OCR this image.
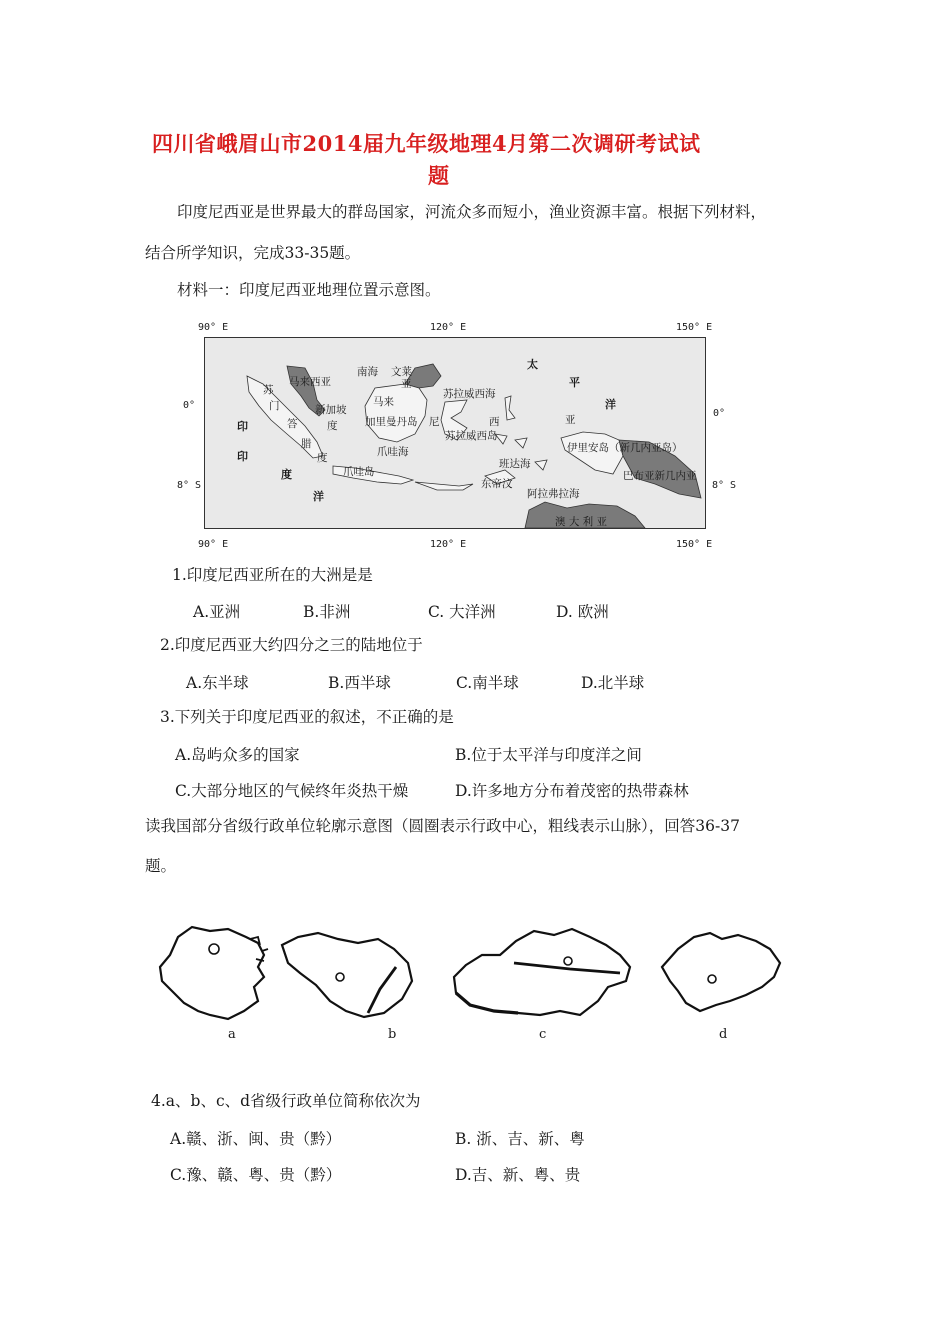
四川省峨眉山市2014届九年级地理4月第二次调研考试试
题
印度尼西亚是世界最大的群岛国家，河流众多而短小，渔业资源丰富。根据下列材料，
结合所学知识，完成33-35题。
材料一：印度尼西亚地理位置示意图。
90° E	120° E	150° E
90° E	120° E	150° E
0°
8° S
0°
8° S
马来西亚
南海 文莱
亚
马来
苏
门
答
腊
度
新加坡
度	加里曼丹岛
苏拉威西海
尼
苏拉威西岛
西
爪哇海
爪哇岛
印
印
度
洋
太
平
洋
亚
伊里安岛（新几内亚岛）
巴布亚新几内亚
班达海
东帝汶
阿拉弗拉海
澳 大 利 亚
1.印度尼西亚所在的大洲是是
A.亚洲	B.非洲	C. 大洋洲	D. 欧洲
2.印度尼西亚大约四分之三的陆地位于
A.东半球	B.西半球	C.南半球	D.北半球
3.下列关于印度尼西亚的叙述，不正确的是
A.岛屿众多的国家	B.位于太平洋与印度洋之间
C.大部分地区的气候终年炎热干燥	D.许多地方分布着茂密的热带森林
读我国部分省级行政单位轮廓示意图（圆圈表示行政中心，粗线表示山脉），回答36-37
题。
a	b	c	d
4.a、b、c、d省级行政单位简称依次为
A.赣、浙、闽、贵（黔）	B. 浙、吉、新、粤
C.豫、赣、粤、贵（黔）	D.吉、新、粤、贵
